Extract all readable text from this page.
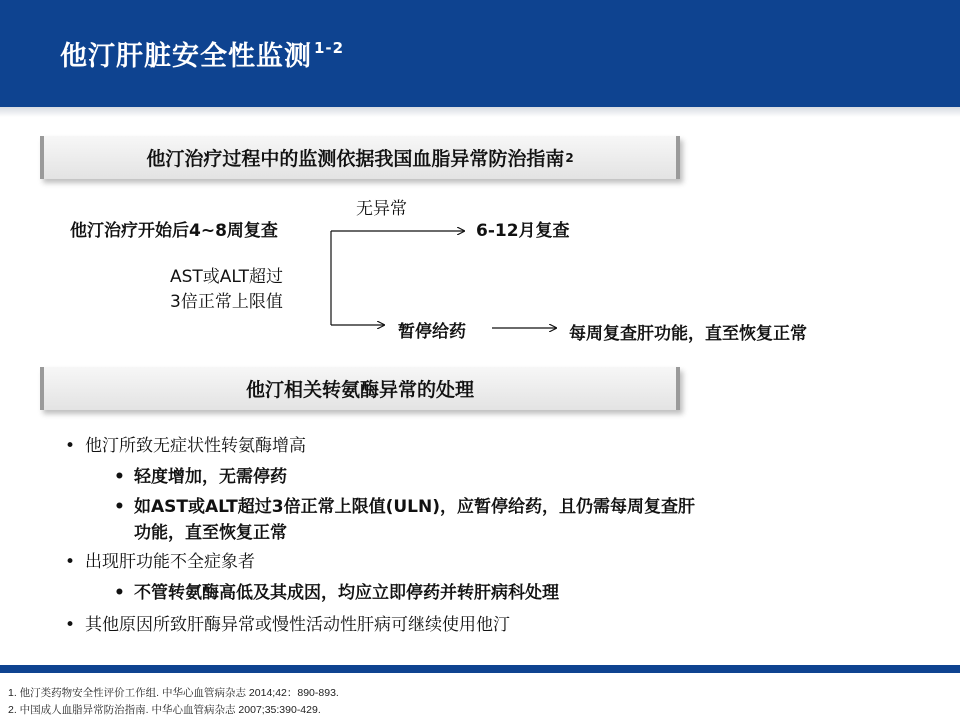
他汀肝脏安全性监测 $^{1-2}$
他汀治疗过程中的监测依据我国血脂异常防治指南 2
他汀治疗开始后4~8周复查
无异常
6-12月复查
AST或ALT超过
3倍正常上限值
暂停给药	每周复查肝功能，直至恢复正常
他汀相关转氨酶异常的处理
• 他汀所致无症状性转氨酶增高
• 轻度增加，无需停药
• 如AST或ALT超过3倍正常上限值(ULN)，应暂停给药，且仍需每周复查肝
功能，直至恢复正常
• 出现肝功能不全症象者
• 不管转氨酶高低及其成因，均应立即停药并转肝病科处理
• 其他原因所致肝酶异常或慢性活动性肝病可继续使用他汀
1. 他汀类药物安全性评价工作组. 中华心血管病杂志 2014;42：890-893.
2. 中国成人血脂异常防治指南. 中华心血管病杂志 2007;35:390-429.
